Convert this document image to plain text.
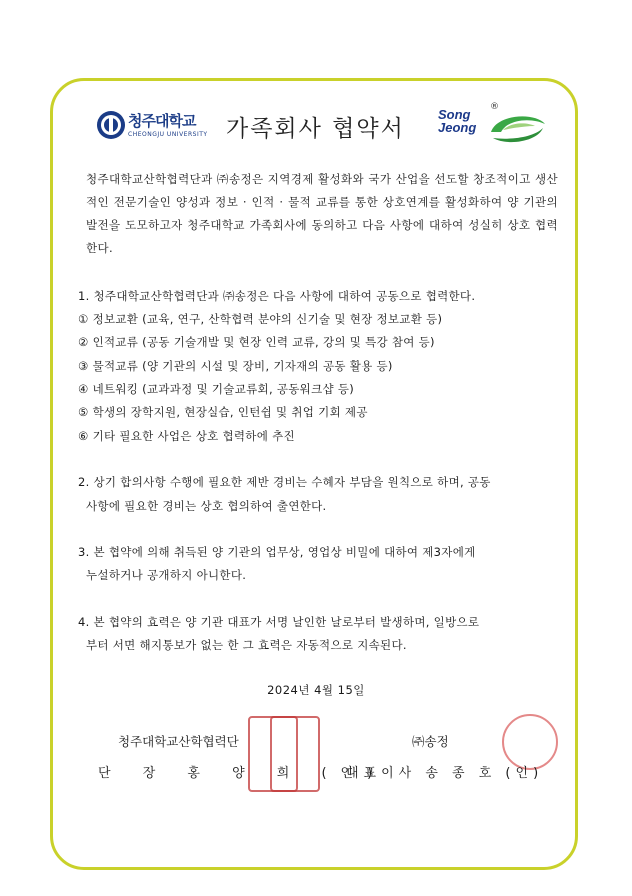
청주대학교
CHEONGJU UNIVERSITY 가족회사 협약서
Song
Jeong
®
청주대학교산학협력단과 ㈜송정은 지역경제 활성화와 국가 산업을 선도할 창조적이고 생산적인 전문기술인 양성과 정보 · 인적 · 물적 교류를 통한 상호연계를 활성화하여 양 기관의 발전을 도모하고자 청주대학교 가족회사에 동의하고 다음 사항에 대하여 성실히 상호 협력한다.
1. 청주대학교산학협력단과 ㈜송정은 다음 사항에 대하여 공동으로 협력한다.
① 정보교환 (교육, 연구, 산학협력 분야의 신기술 및 현장 정보교환 등)
② 인적교류 (공동 기술개발 및 현장 인력 교류, 강의 및 특강 참여 등)
③ 물적교류 (양 기관의 시설 및 장비, 기자재의 공동 활용 등)
④ 네트워킹 (교과과정 및 기술교류회, 공동워크샵 등)
⑤ 학생의 장학지원, 현장실습, 인턴쉽 및 취업 기회 제공
⑥ 기타 필요한 사업은 상호 협력하에 추진
2. 상기 합의사항 수행에 필요한 제반 경비는 수혜자 부담을 원칙으로 하며, 공동
사항에 필요한 경비는 상호 협의하여 출연한다.
3. 본 협약에 의해 취득된 양 기관의 업무상, 영업상 비밀에 대하여 제3자에게
누설하거나 공개하지 아니한다.
4. 본 협약의 효력은 양 기관 대표가 서명 날인한 날로부터 발생하며, 일방으로
부터 서면 해지통보가 없는 한 그 효력은 자동적으로 지속된다.
2024년 4월 15일
청주대학교산학협력단
단 장 홍 양 희 (인)
㈜송정
대표이사 송 종 호 (인)
